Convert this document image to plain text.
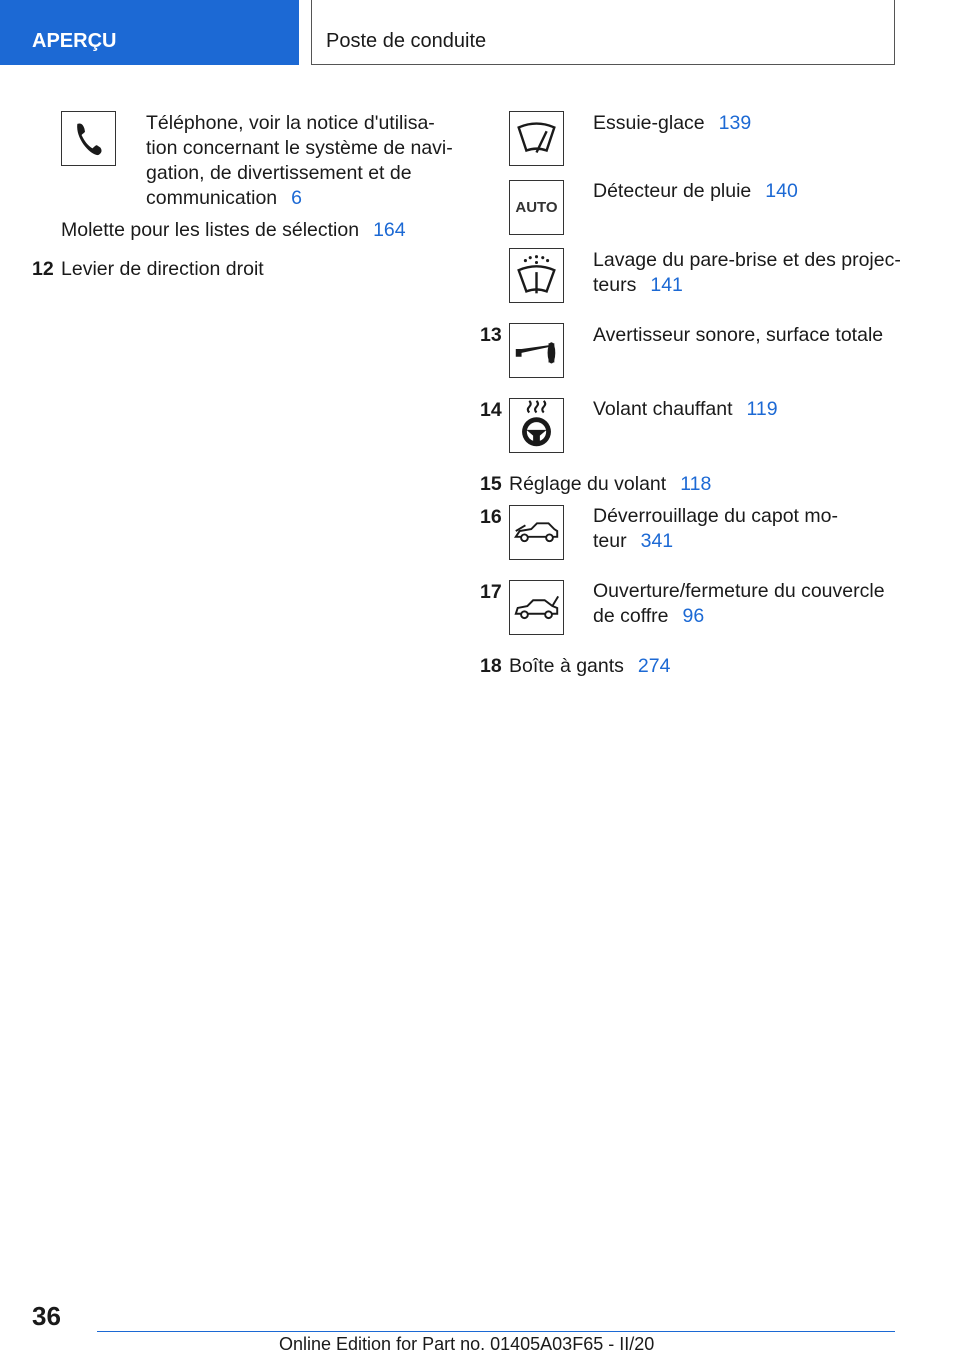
APERÇU	Poste de conduite
Téléphone, voir la notice d'utilisa-
tion concernant le système de navi-
gation, de divertissement et de
communication 6
Molette pour les listes de sélection 164
12 Levier de direction droit
Essuie-glace 139
AUTO
Détecteur de pluie 140
Lavage du pare-brise et des projec-
teurs 141
13	Avertisseur sonore, surface totale
14	Volant chauffant 119
15 Réglage du volant 118
16	Déverrouillage du capot mo-
teur 341
17	Ouverture/fermeture du couvercle
de coffre 96
18 Boîte à gants 274
36
Online Edition for Part no. 01405A03F65 - II/20
